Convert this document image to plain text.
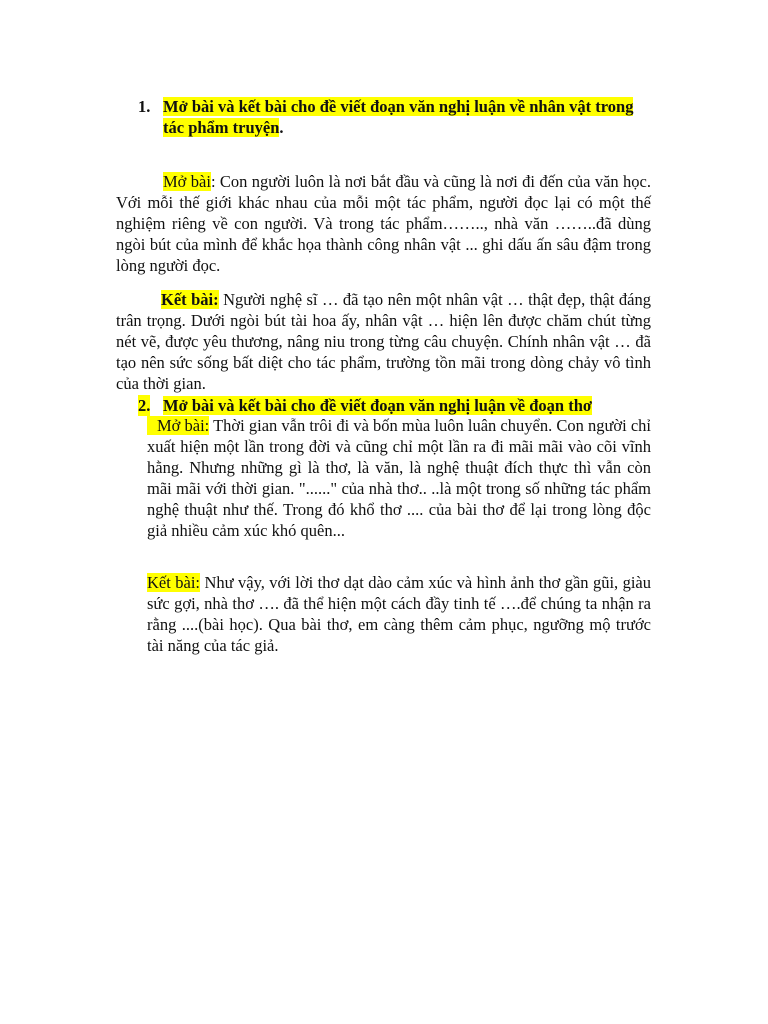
1. Mở bài và kết bài cho đề viết đoạn văn nghị luận về nhân vật trong tác phẩm truyện.

Mở bài: Con người luôn là nơi bắt đầu và cũng là nơi đi đến của văn học. Với mỗi thế giới khác nhau của mỗi một tác phẩm, người đọc lại có một thế nghiệm riêng về con người. Và trong tác phẩm…….., nhà văn ……..đã dùng ngòi bút của mình để khắc họa thành công nhân vật ... ghi dấu ấn sâu đậm trong lòng người đọc.

Kết bài: Người nghệ sĩ … đã tạo nên một nhân vật … thật đẹp, thật đáng trân trọng. Dưới ngòi bút tài hoa ấy, nhân vật … hiện lên được chăm chút từng nét vẽ, được yêu thương, nâng niu trong từng câu chuyện. Chính nhân vật … đã tạo nên sức sống bất diệt cho tác phẩm, trường tồn mãi trong dòng chảy vô tình của thời gian.

2. Mở bài và kết bài cho đề viết đoạn văn nghị luận về đoạn thơ

Mở bài: Thời gian vẫn trôi đi và bốn mùa luôn luân chuyển. Con người chỉ xuất hiện một lần trong đời và cũng chỉ một lần ra đi mãi mãi vào cõi vĩnh hằng. Nhưng những gì là thơ, là văn, là nghệ thuật đích thực thì vẫn còn mãi mãi với thời gian. "......" của nhà thơ.. ..là một trong số những tác phẩm nghệ thuật như thế. Trong đó khổ thơ .... của bài thơ để lại trong lòng độc giả nhiều cảm xúc khó quên...

Kết bài: Như vậy, với lời thơ dạt dào cảm xúc và hình ảnh thơ gần gũi, giàu sức gợi, nhà thơ …. đã thể hiện một cách đầy tinh tế ….để chúng ta nhận ra rằng ....(bài học). Qua bài thơ, em càng thêm cảm phục, ngưỡng mộ trước tài năng của tác giả.
